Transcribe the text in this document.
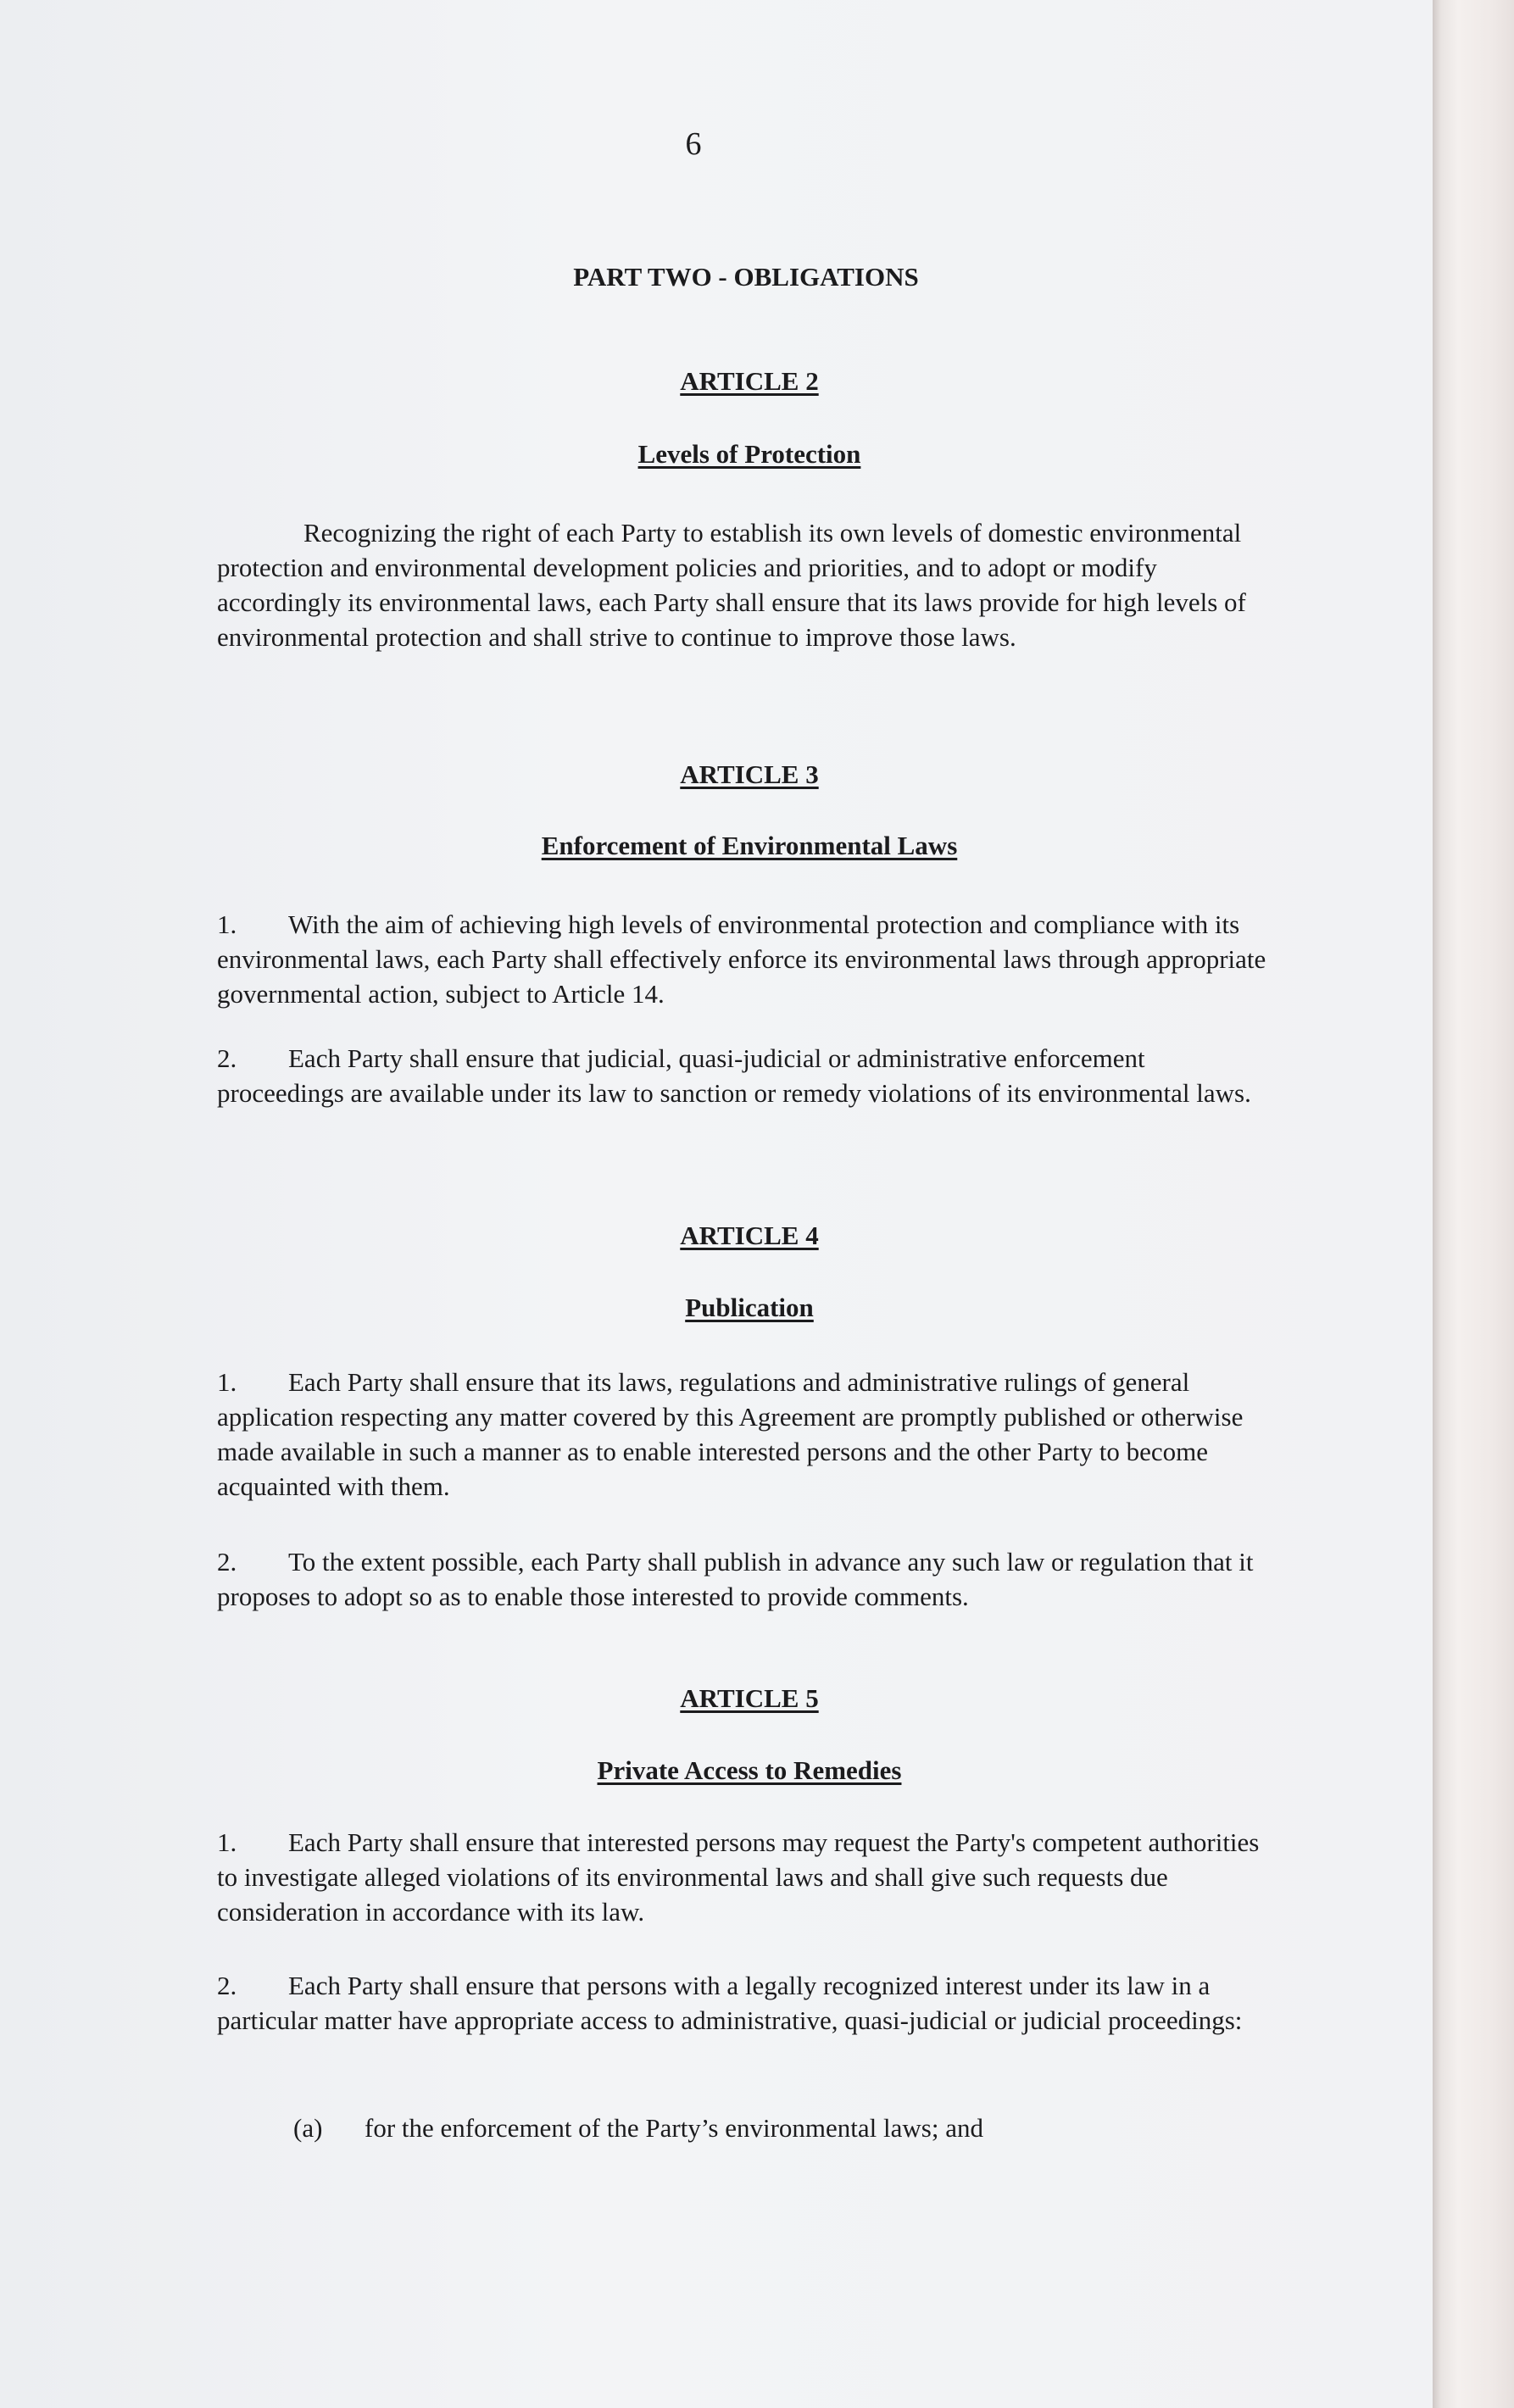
6
PART TWO - OBLIGATIONS
ARTICLE 2
Levels of Protection
Recognizing the right of each Party to establish its own levels of domestic environmental protection and environmental development policies and priorities, and to adopt or modify accordingly its environmental laws, each Party shall ensure that its laws provide for high levels of environmental protection and shall strive to continue to improve those laws.
ARTICLE 3
Enforcement of Environmental Laws
1. With the aim of achieving high levels of environmental protection and compliance with its environmental laws, each Party shall effectively enforce its environmental laws through appropriate governmental action, subject to Article 14.
2. Each Party shall ensure that judicial, quasi-judicial or administrative enforcement proceedings are available under its law to sanction or remedy violations of its environmental laws.
ARTICLE 4
Publication
1. Each Party shall ensure that its laws, regulations and administrative rulings of general application respecting any matter covered by this Agreement are promptly published or otherwise made available in such a manner as to enable interested persons and the other Party to become acquainted with them.
2. To the extent possible, each Party shall publish in advance any such law or regulation that it proposes to adopt so as to enable those interested to provide comments.
ARTICLE 5
Private Access to Remedies
1. Each Party shall ensure that interested persons may request the Party's competent authorities to investigate alleged violations of its environmental laws and shall give such requests due consideration in accordance with its law.
2. Each Party shall ensure that persons with a legally recognized interest under its law in a particular matter have appropriate access to administrative, quasi-judicial or judicial proceedings:
(a) for the enforcement of the Party’s environmental laws; and
